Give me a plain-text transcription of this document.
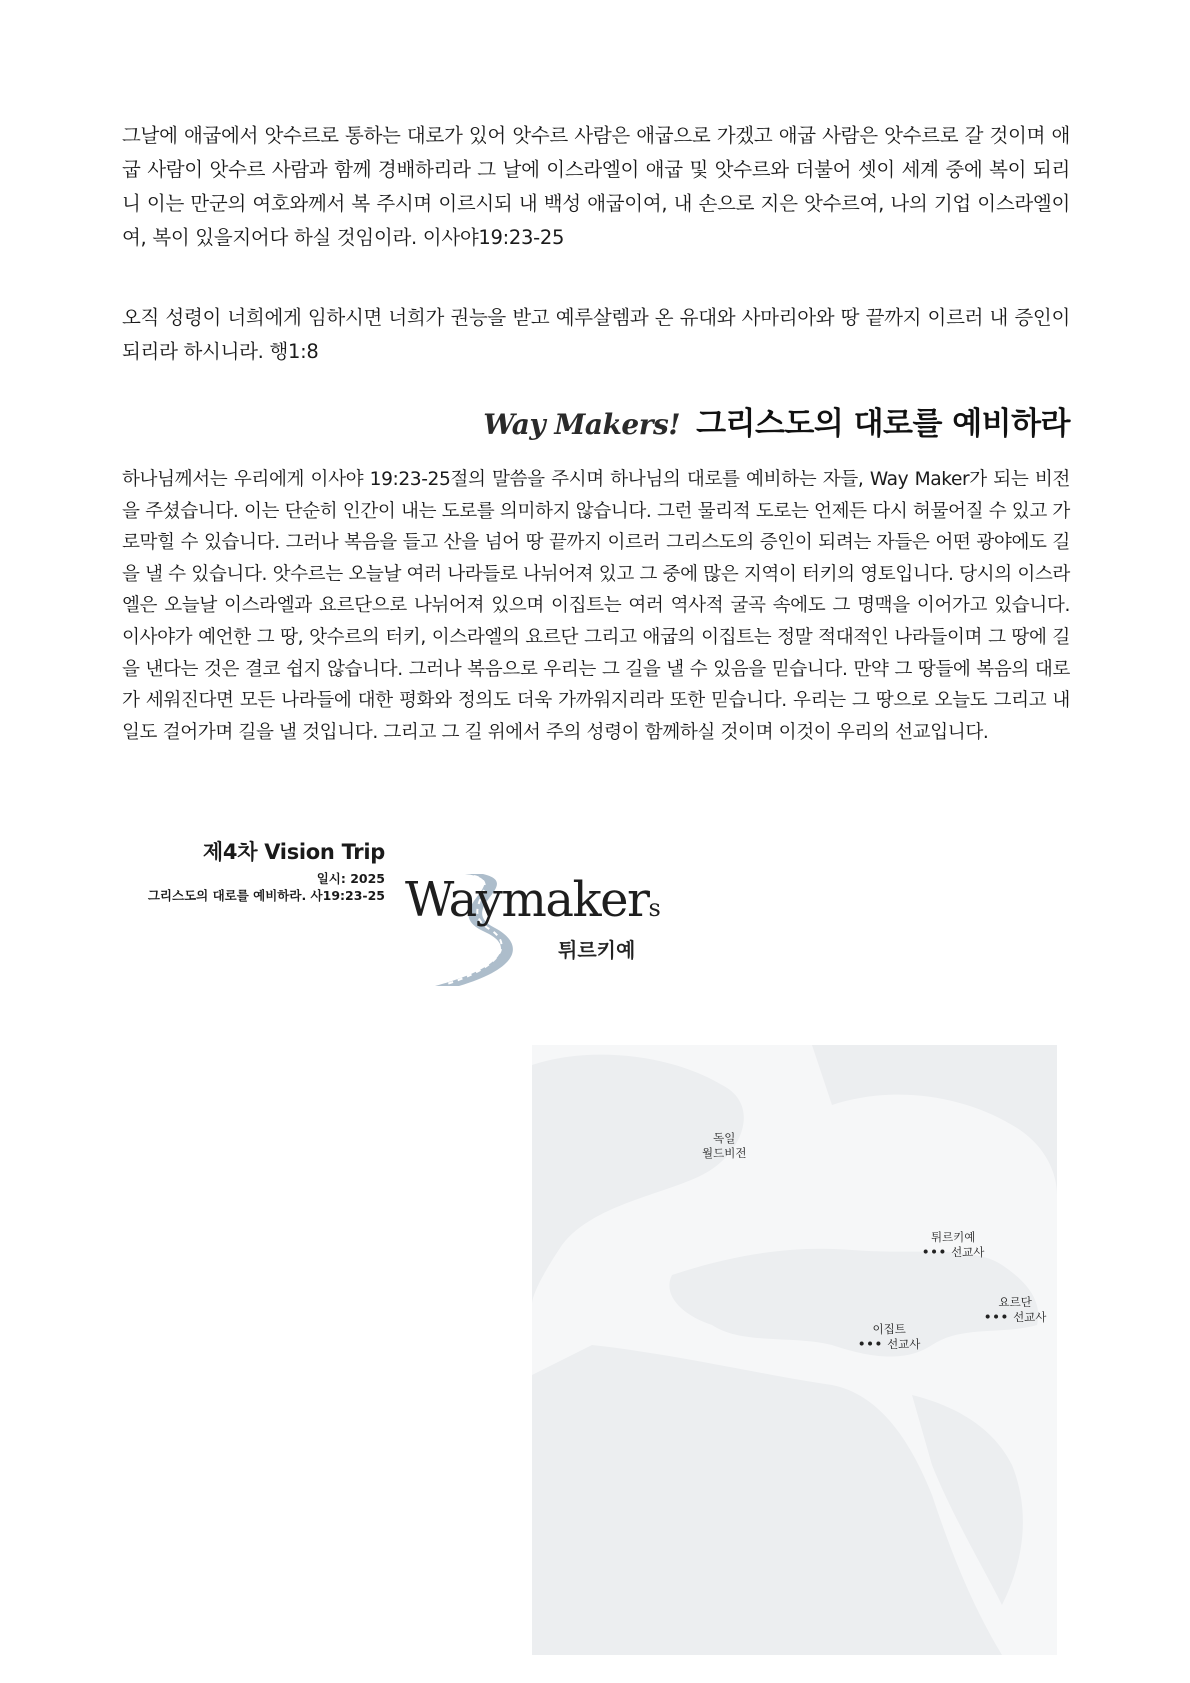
그날에 애굽에서 앗수르로 통하는 대로가 있어 앗수르 사람은 애굽으로 가겠고 애굽 사람은 앗수르로 갈 것이며 애굽 사람이 앗수르 사람과 함께 경배하리라 그 날에 이스라엘이 애굽 및 앗수르와 더불어 셋이 세계 중에 복이 되리니 이는 만군의 여호와께서 복 주시며 이르시되 내 백성 애굽이여, 내 손으로 지은 앗수르여, 나의 기업 이스라엘이여, 복이 있을지어다 하실 것임이라. 이사야19:23-25

오직 성령이 너희에게 임하시면 너희가 권능을 받고 예루살렘과 온 유대와 사마리아와 땅 끝까지 이르러 내 증인이 되리라 하시니라. 행1:8

Way Makers! 그리스도의 대로를 예비하라

하나님께서는 우리에게 이사야 19:23-25절의 말씀을 주시며 하나님의 대로를 예비하는 자들, Way Maker가 되는 비전을 주셨습니다. 이는 단순히 인간이 내는 도로를 의미하지 않습니다. 그런 물리적 도로는 언제든 다시 허물어질 수 있고 가로막힐 수 있습니다. 그러나 복음을 들고 산을 넘어 땅 끝까지 이르러 그리스도의 증인이 되려는 자들은 어떤 광야에도 길을 낼 수 있습니다. 앗수르는 오늘날 여러 나라들로 나뉘어져 있고 그 중에 많은 지역이 터키의 영토입니다. 당시의 이스라엘은 오늘날 이스라엘과 요르단으로 나뉘어져 있으며 이집트는 여러 역사적 굴곡 속에도 그 명맥을 이어가고 있습니다. 이사야가 예언한 그 땅, 앗수르의 터키, 이스라엘의 요르단 그리고 애굽의 이집트는 정말 적대적인 나라들이며 그 땅에 길을 낸다는 것은 결코 쉽지 않습니다. 그러나 복음으로 우리는 그 길을 낼 수 있음을 믿습니다. 만약 그 땅들에 복음의 대로가 세워진다면 모든 나라들에 대한 평화와 정의도 더욱 가까워지리라 또한 믿습니다. 우리는 그 땅으로 오늘도 그리고 내일도 걸어가며 길을 낼 것입니다. 그리고 그 길 위에서 주의 성령이 함께하실 것이며 이것이 우리의 선교입니다.

제4차 Vision Trip
일시: 2025
그리스도의 대로를 예비하라. 사19:23-25 Waymakers
튀르키예
독일
월드비전
튀르키예
••• 선교사
요르단
••• 선교사
이집트
••• 선교사
